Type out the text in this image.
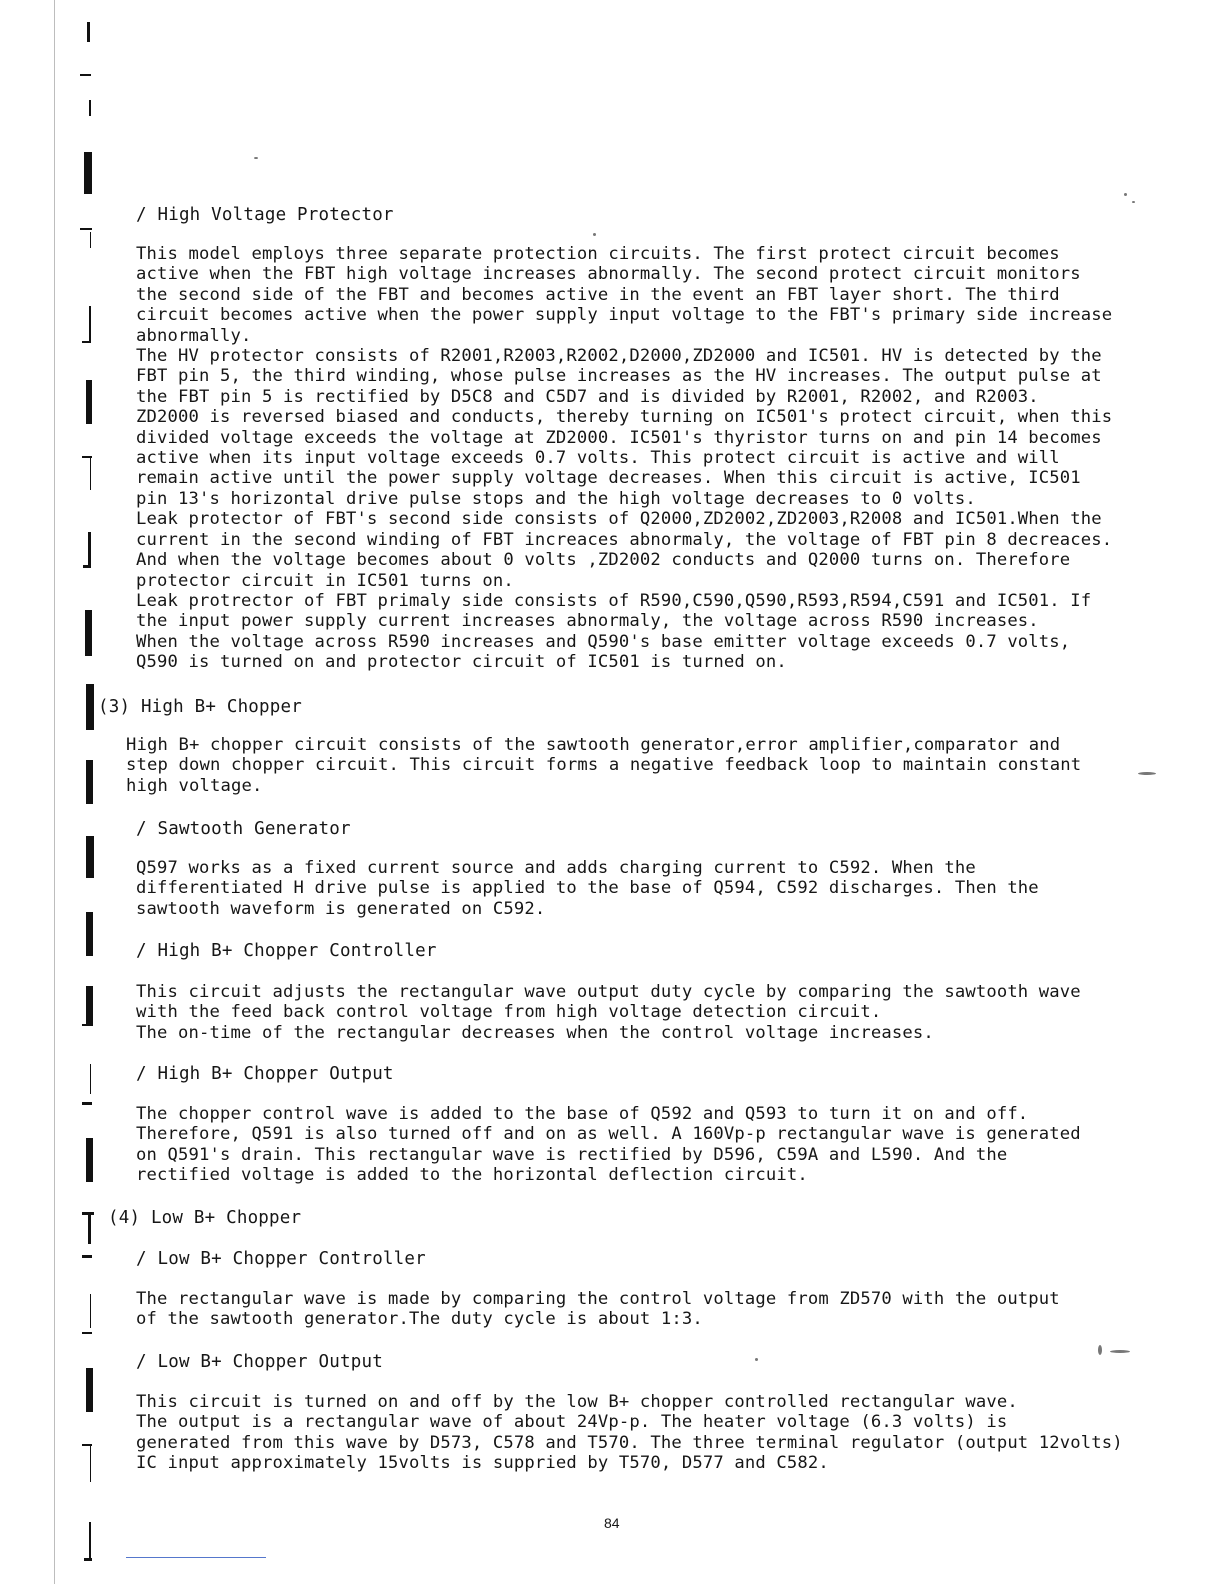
/ High Voltage Protector
This model employs three separate protection circuits. The first protect circuit becomes
active when the FBT high voltage increases abnormally. The second protect circuit monitors
the second side of the FBT and becomes active in the event an FBT layer short. The third
circuit becomes active when the power supply input voltage to the FBT's primary side increase
abnormally.
The HV protector consists of R2001,R2003,R2002,D2000,ZD2000 and IC501. HV is detected by the
FBT pin 5, the third winding, whose pulse increases as the HV increases. The output pulse at
the FBT pin 5 is rectified by D5C8 and C5D7 and is divided by R2001, R2002, and R2003.
ZD2000 is reversed biased and conducts, thereby turning on IC501's protect circuit, when this
divided voltage exceeds the voltage at ZD2000. IC501's thyristor turns on and pin 14 becomes
active when its input voltage exceeds 0.7 volts. This protect circuit is active and will
remain active until the power supply voltage decreases. When this circuit is active, IC501
pin 13's horizontal drive pulse stops and the high voltage decreases to 0 volts.
Leak protector of FBT's second side consists of Q2000,ZD2002,ZD2003,R2008 and IC501.When the
current in the second winding of FBT increaces abnormaly, the voltage of FBT pin 8 decreaces.
And when the voltage becomes about 0 volts ,ZD2002 conducts and Q2000 turns on. Therefore
protector circuit in IC501 turns on.
Leak protrector of FBT primaly side consists of R590,C590,Q590,R593,R594,C591 and IC501. If
the input power supply current increases abnormaly, the voltage across R590 increases.
When the voltage across R590 increases and Q590's base emitter voltage exceeds 0.7 volts,
Q590 is turned on and protector circuit of IC501 is turned on.
(3) High B+ Chopper
High B+ chopper circuit consists of the sawtooth generator,error amplifier,comparator and
step down chopper circuit. This circuit forms a negative feedback loop to maintain constant
high voltage.
/ Sawtooth Generator
Q597 works as a fixed current source and adds charging current to C592. When the
differentiated H drive pulse is applied to the base of Q594, C592 discharges. Then the
sawtooth waveform is generated on C592.
/ High B+ Chopper Controller
This circuit adjusts the rectangular wave output duty cycle by comparing the sawtooth wave
with the feed back control voltage from high voltage detection circuit.
The on-time of the rectangular decreases when the control voltage increases.
/ High B+ Chopper Output
The chopper control wave is added to the base of Q592 and Q593 to turn it on and off.
Therefore, Q591 is also turned off and on as well. A 160Vp-p rectangular wave is generated
on Q591's drain. This rectangular wave is rectified by D596, C59A and L590. And the
rectified voltage is added to the horizontal deflection circuit.
(4) Low B+ Chopper
/ Low B+ Chopper Controller
The rectangular wave is made by comparing the control voltage from ZD570 with the output
of the sawtooth generator.The duty cycle is about 1:3.
/ Low B+ Chopper Output
This circuit is turned on and off by the low B+ chopper controlled rectangular wave.
The output is a rectangular wave of about 24Vp-p. The heater voltage (6.3 volts) is
generated from this wave by D573, C578 and T570. The three terminal regulator (output 12volts)
IC input approximately 15volts is suppried by T570, D577 and C582.
84
